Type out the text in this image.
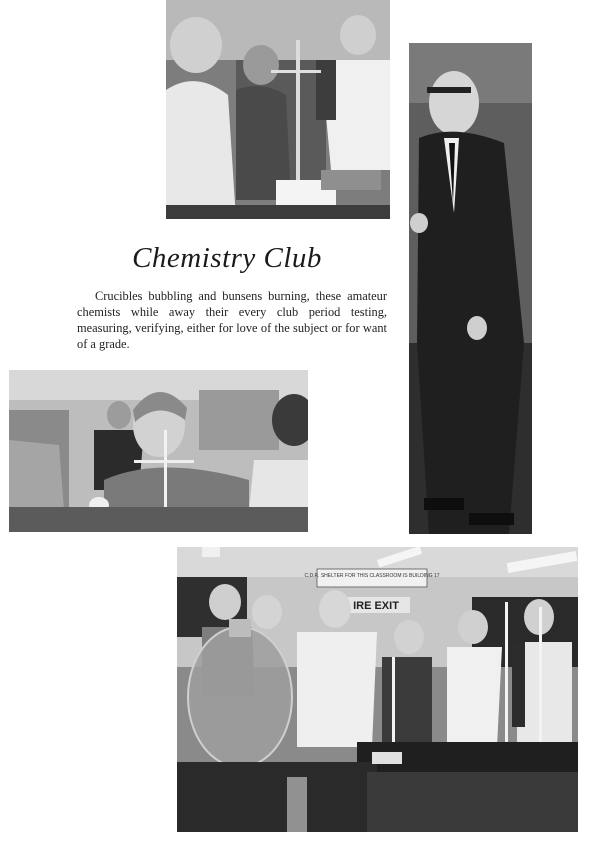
Chemistry Club

Crucibles bubbling and bunsens burning, these amateur chemists while away their every club period testing, measuring, verifying, either for love of the subject or for want of a grade.

C.D.R. SHELTER FOR THIS CLASSROOM IS BUILDING 17
IRE EXIT
